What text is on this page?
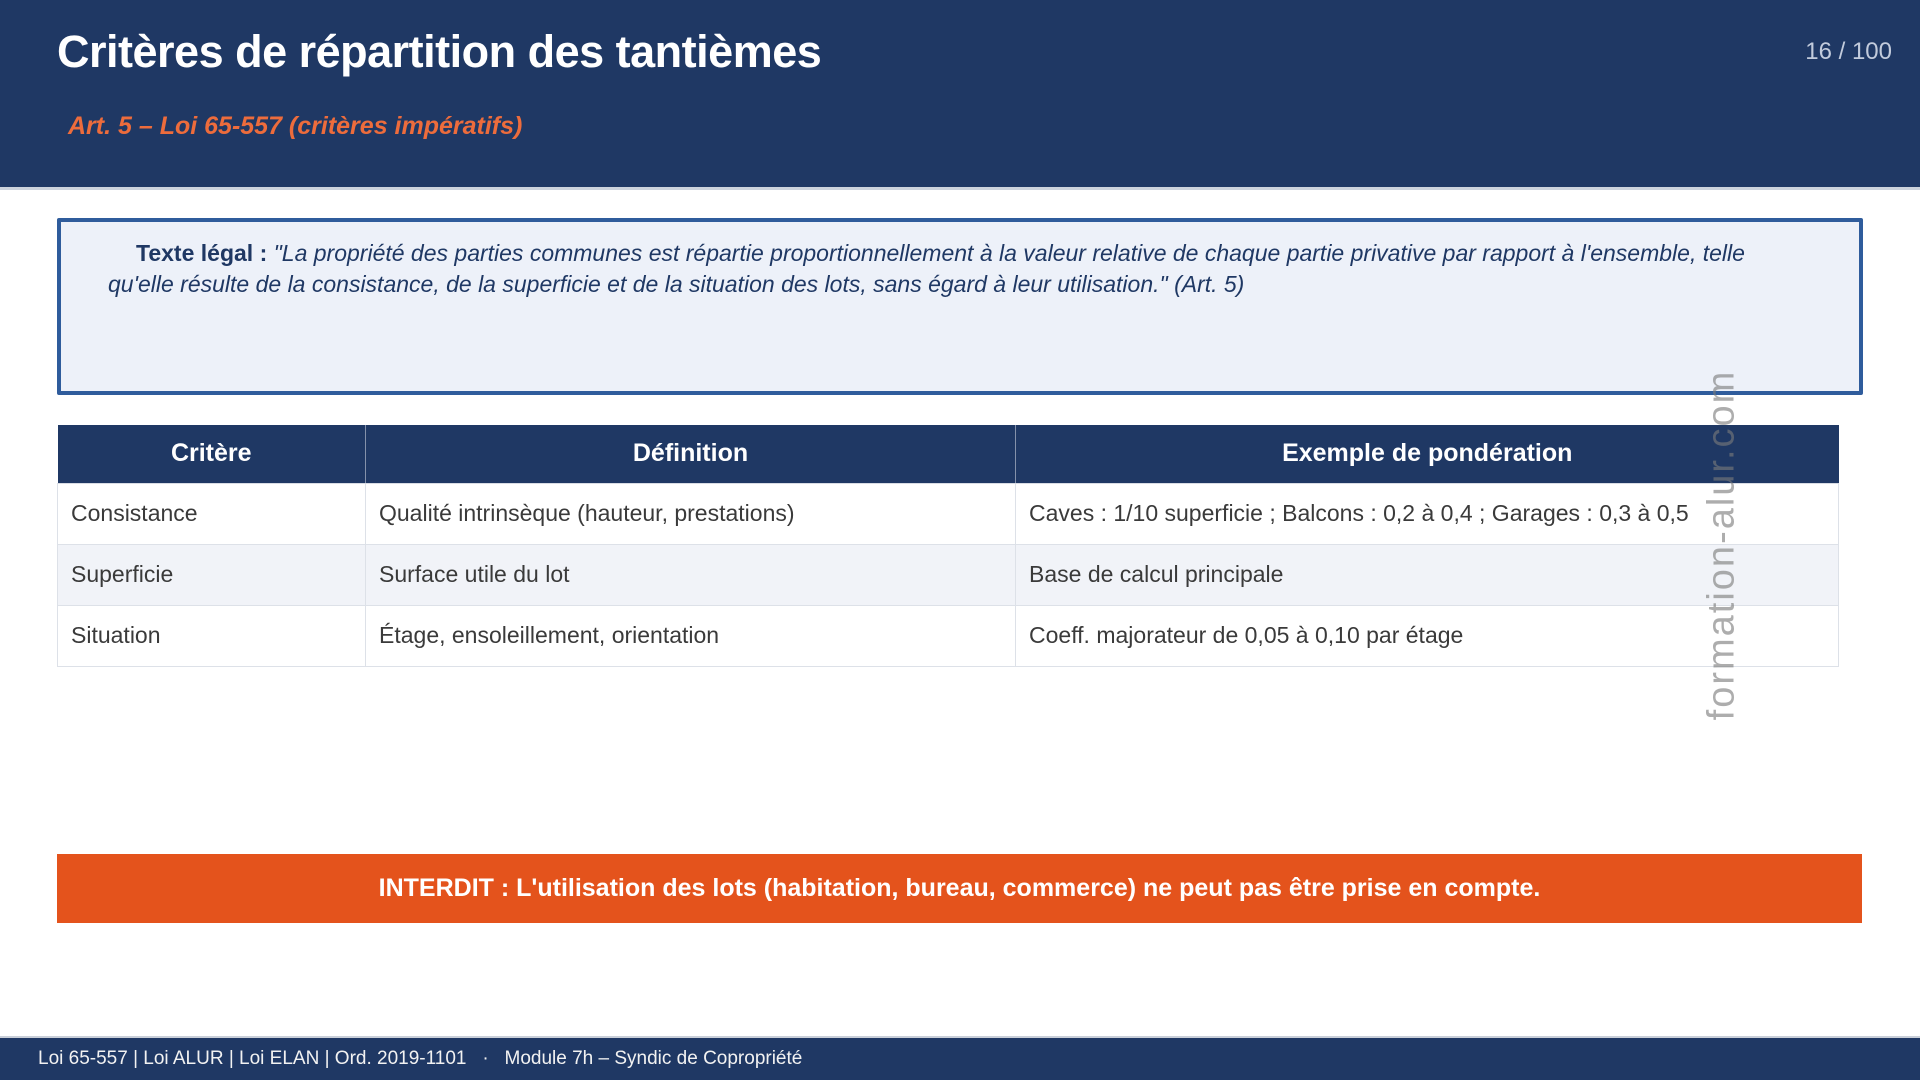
Critères de répartition des tantièmes
Art. 5 – Loi 65-557 (critères impératifs)
16 / 100
Texte légal : "La propriété des parties communes est répartie proportionnellement à la valeur relative de chaque partie privative par rapport à l'ensemble, telle qu'elle résulte de la consistance, de la superficie et de la situation des lots, sans égard à leur utilisation." (Art. 5)
Critère	Définition	Exemple de pondération
Consistance	Qualité intrinsèque (hauteur, prestations)	Caves : 1/10 superficie ; Balcons : 0,2 à 0,4 ; Garages : 0,3 à 0,5
Superficie	Surface utile du lot	Base de calcul principale
Situation	Étage, ensoleillement, orientation	Coeff. majorateur de 0,05 à 0,10 par étage	formation-alur.com
INTERDIT : L'utilisation des lots (habitation, bureau, commerce) ne peut pas être prise en compte.
Loi 65-557 | Loi ALUR | Loi ELAN | Ord. 2019-1101   ·   Module 7h – Syndic de Copropriété
